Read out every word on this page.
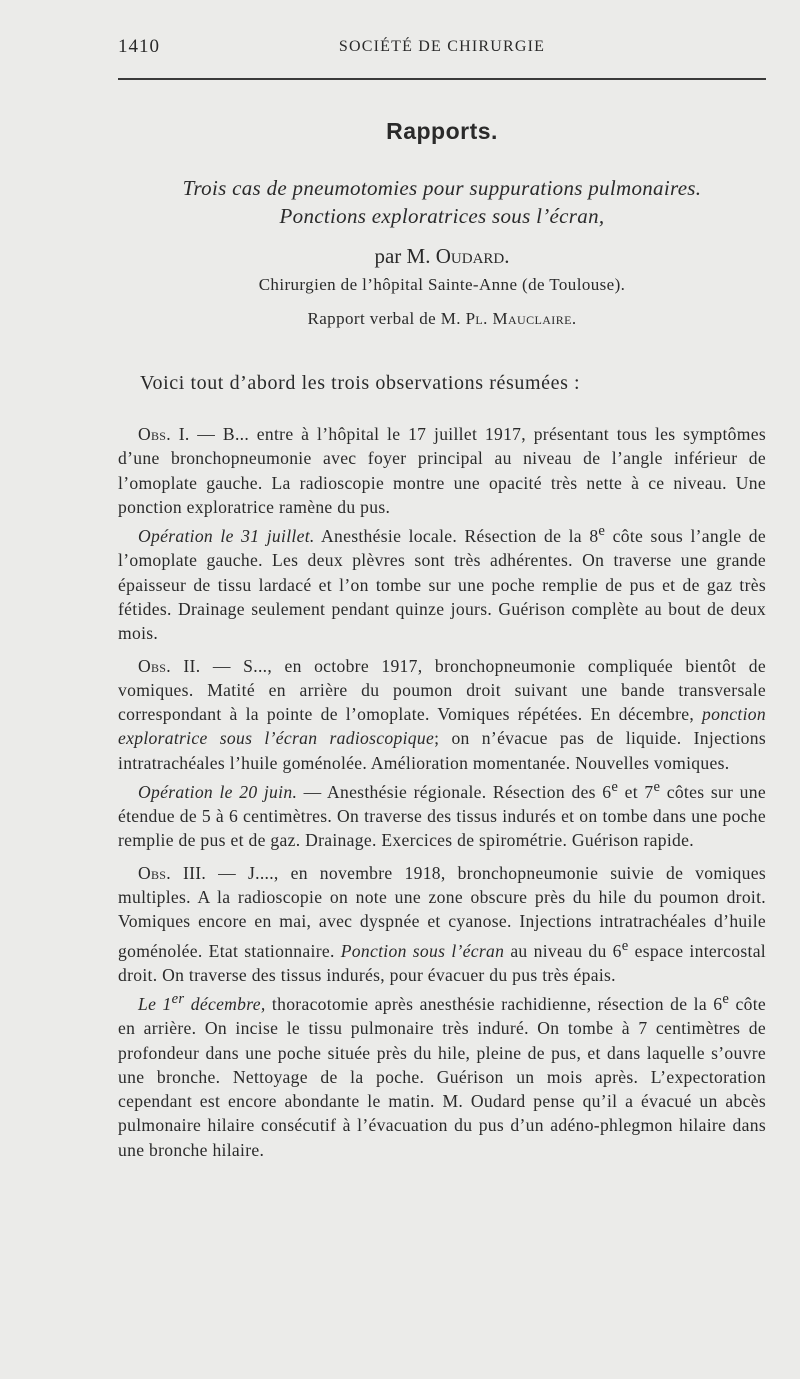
1410	SOCIÉTÉ DE CHIRURGIE
Rapports.
Trois cas de pneumotomies pour suppurations pulmonaires.
Ponctions exploratrices sous l’écran,
par M. Oudard.
Chirurgien de l’hôpital Sainte-Anne (de Toulouse).
Rapport verbal de M. Pl. Mauclaire.
Voici tout d’abord les trois observations résumées :

Obs. I. — B... entre à l’hôpital le 17 juillet 1917, présentant tous les symptômes d’une bronchopneumonie avec foyer principal au niveau de l’angle inférieur de l’omoplate gauche. La radioscopie montre une opacité très nette à ce niveau. Une ponction exploratrice ramène du pus.

Opération le 31 juillet. Anesthésie locale. Résection de la 8e côte sous l’angle de l’omoplate gauche. Les deux plèvres sont très adhérentes. On traverse une grande épaisseur de tissu lardacé et l’on tombe sur une poche remplie de pus et de gaz très fétides. Drainage seulement pendant quinze jours. Guérison complète au bout de deux mois.

Obs. II. — S..., en octobre 1917, bronchopneumonie compliquée bientôt de vomiques. Matité en arrière du poumon droit suivant une bande transversale correspondant à la pointe de l’omoplate. Vomiques répétées. En décembre, ponction exploratrice sous l’écran radioscopique; on n’évacue pas de liquide. Injections intratrachéales l’huile goménolée. Amélioration momentanée. Nouvelles vomiques.

Opération le 20 juin. — Anesthésie régionale. Résection des 6e et 7e côtes sur une étendue de 5 à 6 centimètres. On traverse des tissus indurés et on tombe dans une poche remplie de pus et de gaz. Drainage. Exercices de spirométrie. Guérison rapide.

Obs. III. — J...., en novembre 1918, bronchopneumonie suivie de vomiques multiples. A la radioscopie on note une zone obscure près du hile du poumon droit. Vomiques encore en mai, avec dyspnée et cyanose. Injections intratrachéales d’huile goménolée. Etat stationnaire. Ponction sous l’écran au niveau du 6e espace intercostal droit. On traverse des tissus indurés, pour évacuer du pus très épais.

Le 1er décembre, thoracotomie après anesthésie rachidienne, résection de la 6e côte en arrière. On incise le tissu pulmonaire très induré. On tombe à 7 centimètres de profondeur dans une poche située près du hile, pleine de pus, et dans laquelle s’ouvre une bronche. Nettoyage de la poche. Guérison un mois après. L’expectoration cependant est encore abondante le matin. M. Oudard pense qu’il a évacué un abcès pulmonaire hilaire consécutif à l’évacuation du pus d’un adéno-phlegmon hilaire dans une bronche hilaire.
